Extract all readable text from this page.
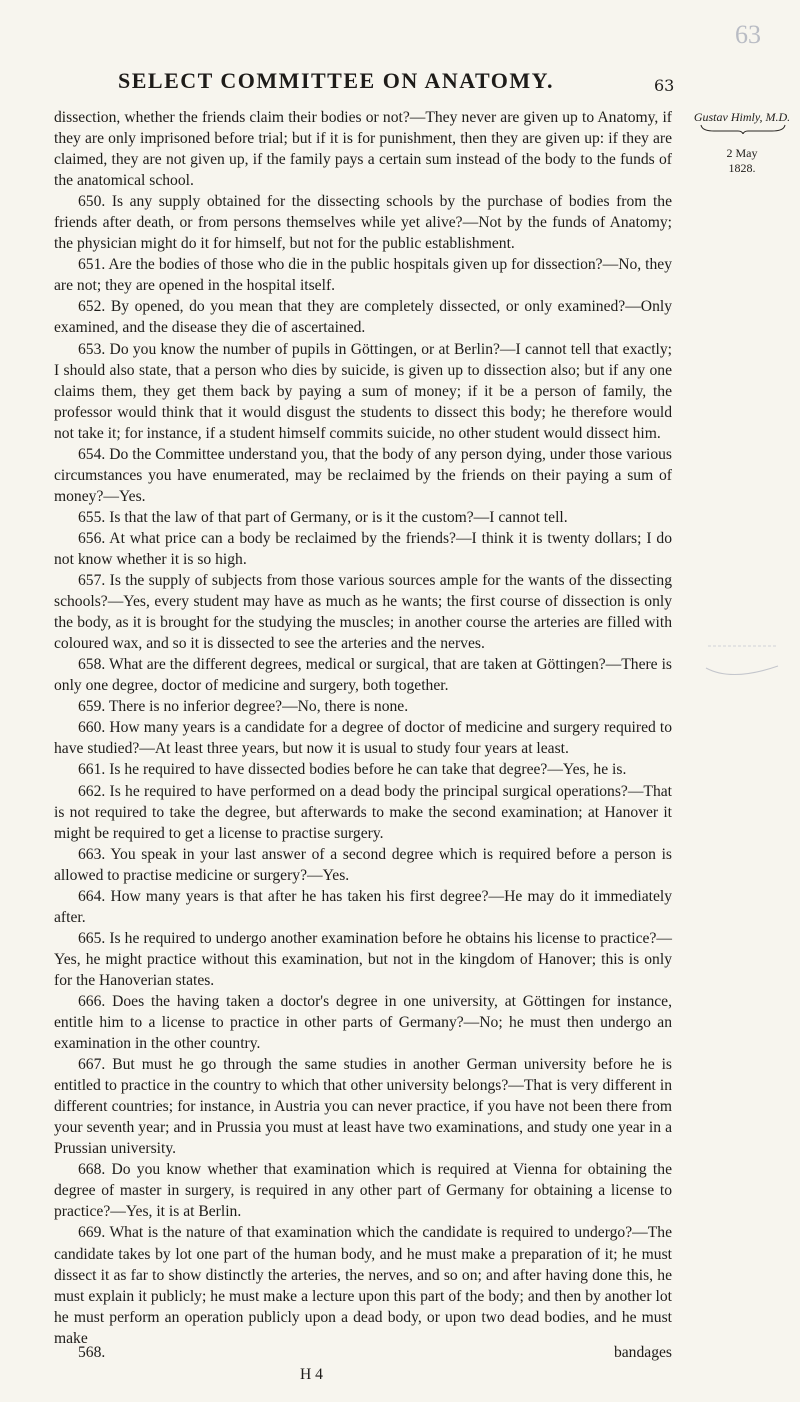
SELECT COMMITTEE ON ANATOMY.	63
63
Gustav Himly, M.D.
2 May
1828.

dissection, whether the friends claim their bodies or not?—They never are given up to Anatomy, if they are only imprisoned before trial; but if it is for punishment, then they are given up: if they are claimed, they are not given up, if the family pays a certain sum instead of the body to the funds of the anatomical school.

650. Is any supply obtained for the dissecting schools by the purchase of bodies from the friends after death, or from persons themselves while yet alive?—Not by the funds of Anatomy; the physician might do it for himself, but not for the public establishment.

651. Are the bodies of those who die in the public hospitals given up for dissection?—No, they are not; they are opened in the hospital itself.

652. By opened, do you mean that they are completely dissected, or only examined?—Only examined, and the disease they die of ascertained.

653. Do you know the number of pupils in Göttingen, or at Berlin?—I cannot tell that exactly; I should also state, that a person who dies by suicide, is given up to dissection also; but if any one claims them, they get them back by paying a sum of money; if it be a person of family, the professor would think that it would disgust the students to dissect this body; he therefore would not take it; for instance, if a student himself commits suicide, no other student would dissect him.

654. Do the Committee understand you, that the body of any person dying, under those various circumstances you have enumerated, may be reclaimed by the friends on their paying a sum of money?—Yes.

655. Is that the law of that part of Germany, or is it the custom?—I cannot tell.

656. At what price can a body be reclaimed by the friends?—I think it is twenty dollars; I do not know whether it is so high.

657. Is the supply of subjects from those various sources ample for the wants of the dissecting schools?—Yes, every student may have as much as he wants; the first course of dissection is only the body, as it is brought for the studying the muscles; in another course the arteries are filled with coloured wax, and so it is dissected to see the arteries and the nerves.

658. What are the different degrees, medical or surgical, that are taken at Göttingen?—There is only one degree, doctor of medicine and surgery, both together.

659. There is no inferior degree?—No, there is none.

660. How many years is a candidate for a degree of doctor of medicine and surgery required to have studied?—At least three years, but now it is usual to study four years at least.

661. Is he required to have dissected bodies before he can take that degree?—Yes, he is.

662. Is he required to have performed on a dead body the principal surgical operations?—That is not required to take the degree, but afterwards to make the second examination; at Hanover it might be required to get a license to practise surgery.

663. You speak in your last answer of a second degree which is required before a person is allowed to practise medicine or surgery?—Yes.

664. How many years is that after he has taken his first degree?—He may do it immediately after.

665. Is he required to undergo another examination before he obtains his license to practice?—Yes, he might practice without this examination, but not in the kingdom of Hanover; this is only for the Hanoverian states.

666. Does the having taken a doctor's degree in one university, at Göttingen for instance, entitle him to a license to practice in other parts of Germany?—No; he must then undergo an examination in the other country.

667. But must he go through the same studies in another German university before he is entitled to practice in the country to which that other university belongs?—That is very different in different countries; for instance, in Austria you can never practice, if you have not been there from your seventh year; and in Prussia you must at least have two examinations, and study one year in a Prussian university.

668. Do you know whether that examination which is required at Vienna for obtaining the degree of master in surgery, is required in any other part of Germany for obtaining a license to practice?—Yes, it is at Berlin.

669. What is the nature of that examination which the candidate is required to undergo?—The candidate takes by lot one part of the human body, and he must make a preparation of it; he must dissect it as far to show distinctly the arteries, the nerves, and so on; and after having done this, he must explain it publicly; he must make a lecture upon this part of the body; and then by another lot he must perform an operation publicly upon a dead body, or upon two dead bodies, and he must make

568.	bandages
H 4
